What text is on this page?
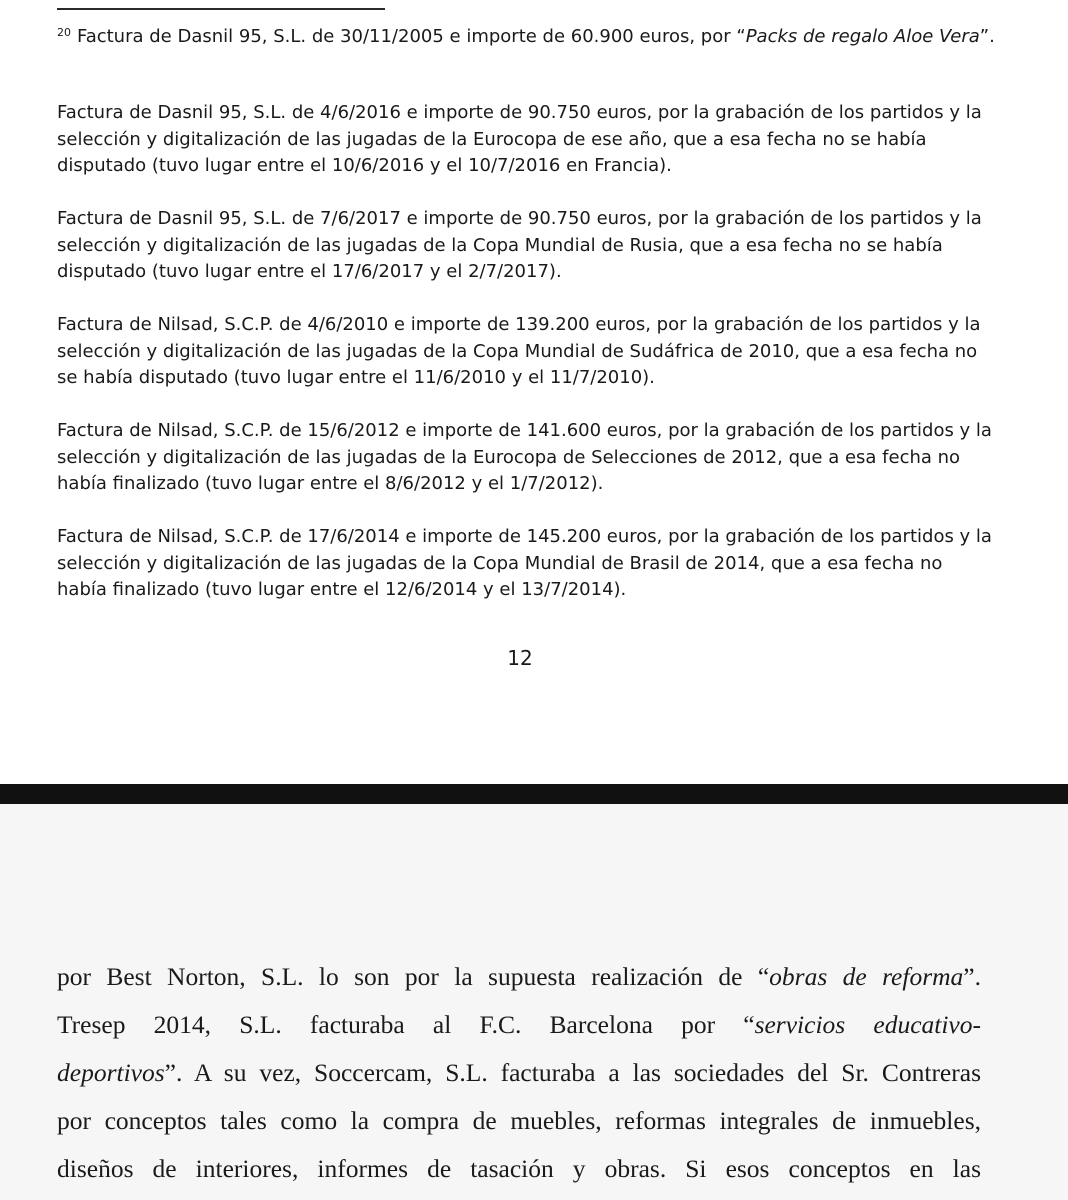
$^{20}$ Factura de Dasnil 95, S.L. de 30/11/2005 e importe de 60.900 euros, por “Packs de regalo Aloe Vera”.

Factura de Dasnil 95, S.L. de 4/6/2016 e importe de 90.750 euros, por la grabación de los partidos y la selección y digitalización de las jugadas de la Eurocopa de ese año, que a esa fecha no se había disputado (tuvo lugar entre el 10/6/2016 y el 10/7/2016 en Francia).

Factura de Dasnil 95, S.L. de 7/6/2017 e importe de 90.750 euros, por la grabación de los partidos y la selección y digitalización de las jugadas de la Copa Mundial de Rusia, que a esa fecha no se había disputado (tuvo lugar entre el 17/6/2017 y el 2/7/2017).

Factura de Nilsad, S.C.P. de 4/6/2010 e importe de 139.200 euros, por la grabación de los partidos y la selección y digitalización de las jugadas de la Copa Mundial de Sudáfrica de 2010, que a esa fecha no se había disputado (tuvo lugar entre el 11/6/2010 y el 11/7/2010).

Factura de Nilsad, S.C.P. de 15/6/2012 e importe de 141.600 euros, por la grabación de los partidos y la selección y digitalización de las jugadas de la Eurocopa de Selecciones de 2012, que a esa fecha no había finalizado (tuvo lugar entre el 8/6/2012 y el 1/7/2012).

Factura de Nilsad, S.C.P. de 17/6/2014 e importe de 145.200 euros, por la grabación de los partidos y la selección y digitalización de las jugadas de la Copa Mundial de Brasil de 2014, que a esa fecha no había finalizado (tuvo lugar entre el 12/6/2014 y el 13/7/2014).

12

por Best Norton, S.L. lo son por la supuesta realización de “obras de reforma”.

Tresep 2014, S.L. facturaba al F.C. Barcelona por “servicios educativo-

deportivos”. A su vez, Soccercam, S.L. facturaba a las sociedades del Sr. Contreras

por conceptos tales como la compra de muebles, reformas integrales de inmuebles,

diseños de interiores, informes de tasación y obras. Si esos conceptos en las
